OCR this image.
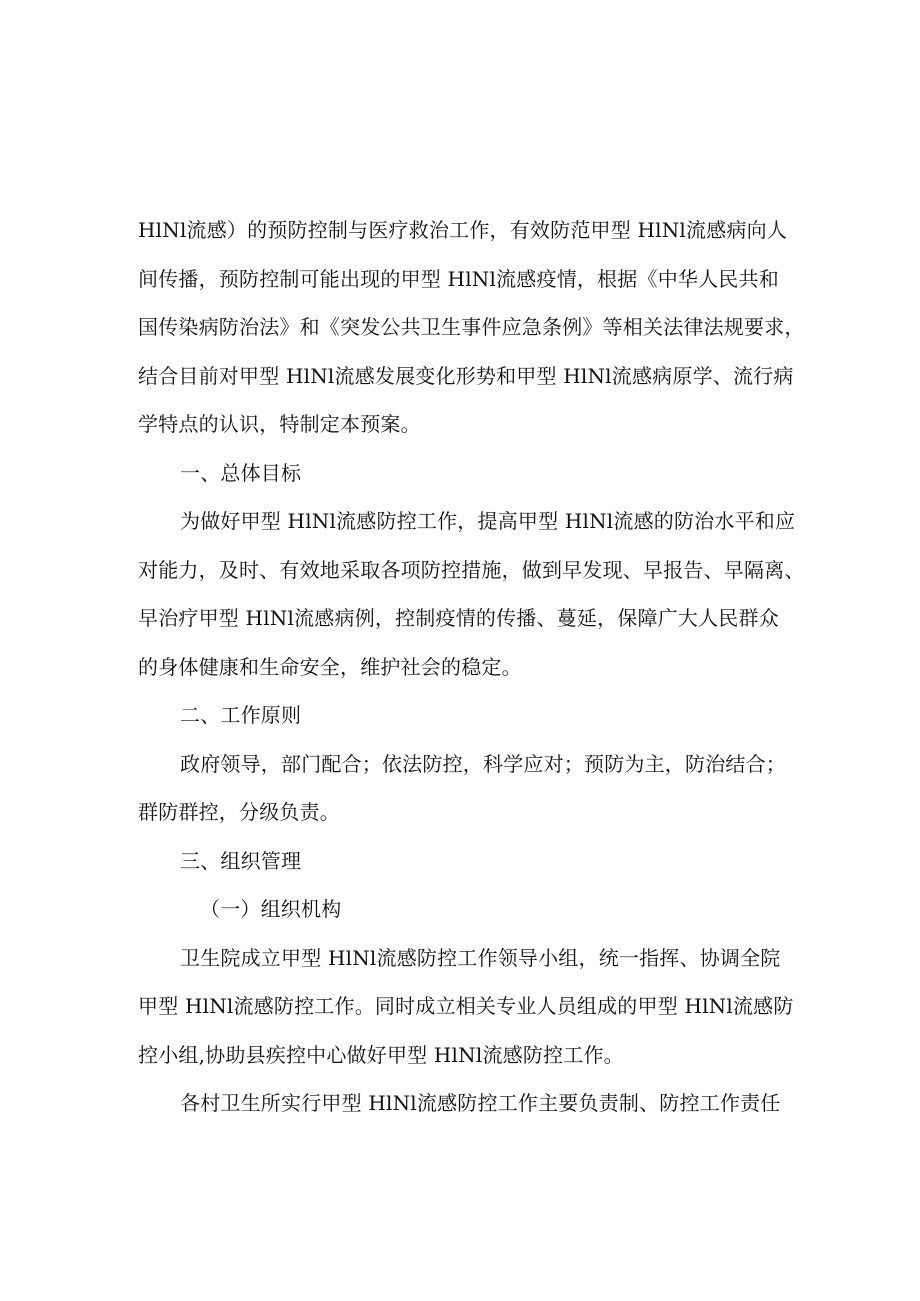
HlNl流感）的预防控制与医疗救治工作，有效防范甲型 HlNl流感病向人
间传播，预防控制可能出现的甲型 HlNl流感疫情，根据《中华人民共和
国传染病防治法》和《突发公共卫生事件应急条例》等相关法律法规要求，
结合目前对甲型 HlNl流感发展变化形势和甲型 HlNl流感病原学、流行病
学特点的认识，特制定本预案。
一、总体目标
为做好甲型 HlNl流感防控工作，提高甲型 HlNl流感的防治水平和应
对能力，及时、有效地采取各项防控措施，做到早发现、早报告、早隔离、
早治疗甲型 HlNl流感病例，控制疫情的传播、蔓延，保障广大人民群众
的身体健康和生命安全，维护社会的稳定。
二、工作原则
政府领导，部门配合；依法防控，科学应对；预防为主，防治结合；
群防群控，分级负责。
三、组织管理
（一）组织机构
卫生院成立甲型 HlNl流感防控工作领导小组，统一指挥、协调全院
甲型 HlNl流感防控工作。同时成立相关专业人员组成的甲型 HlNl流感防
控小组,协助县疾控中心做好甲型 HlNl流感防控工作。
各村卫生所实行甲型 HlNl流感防控工作主要负责制、防控工作责任
